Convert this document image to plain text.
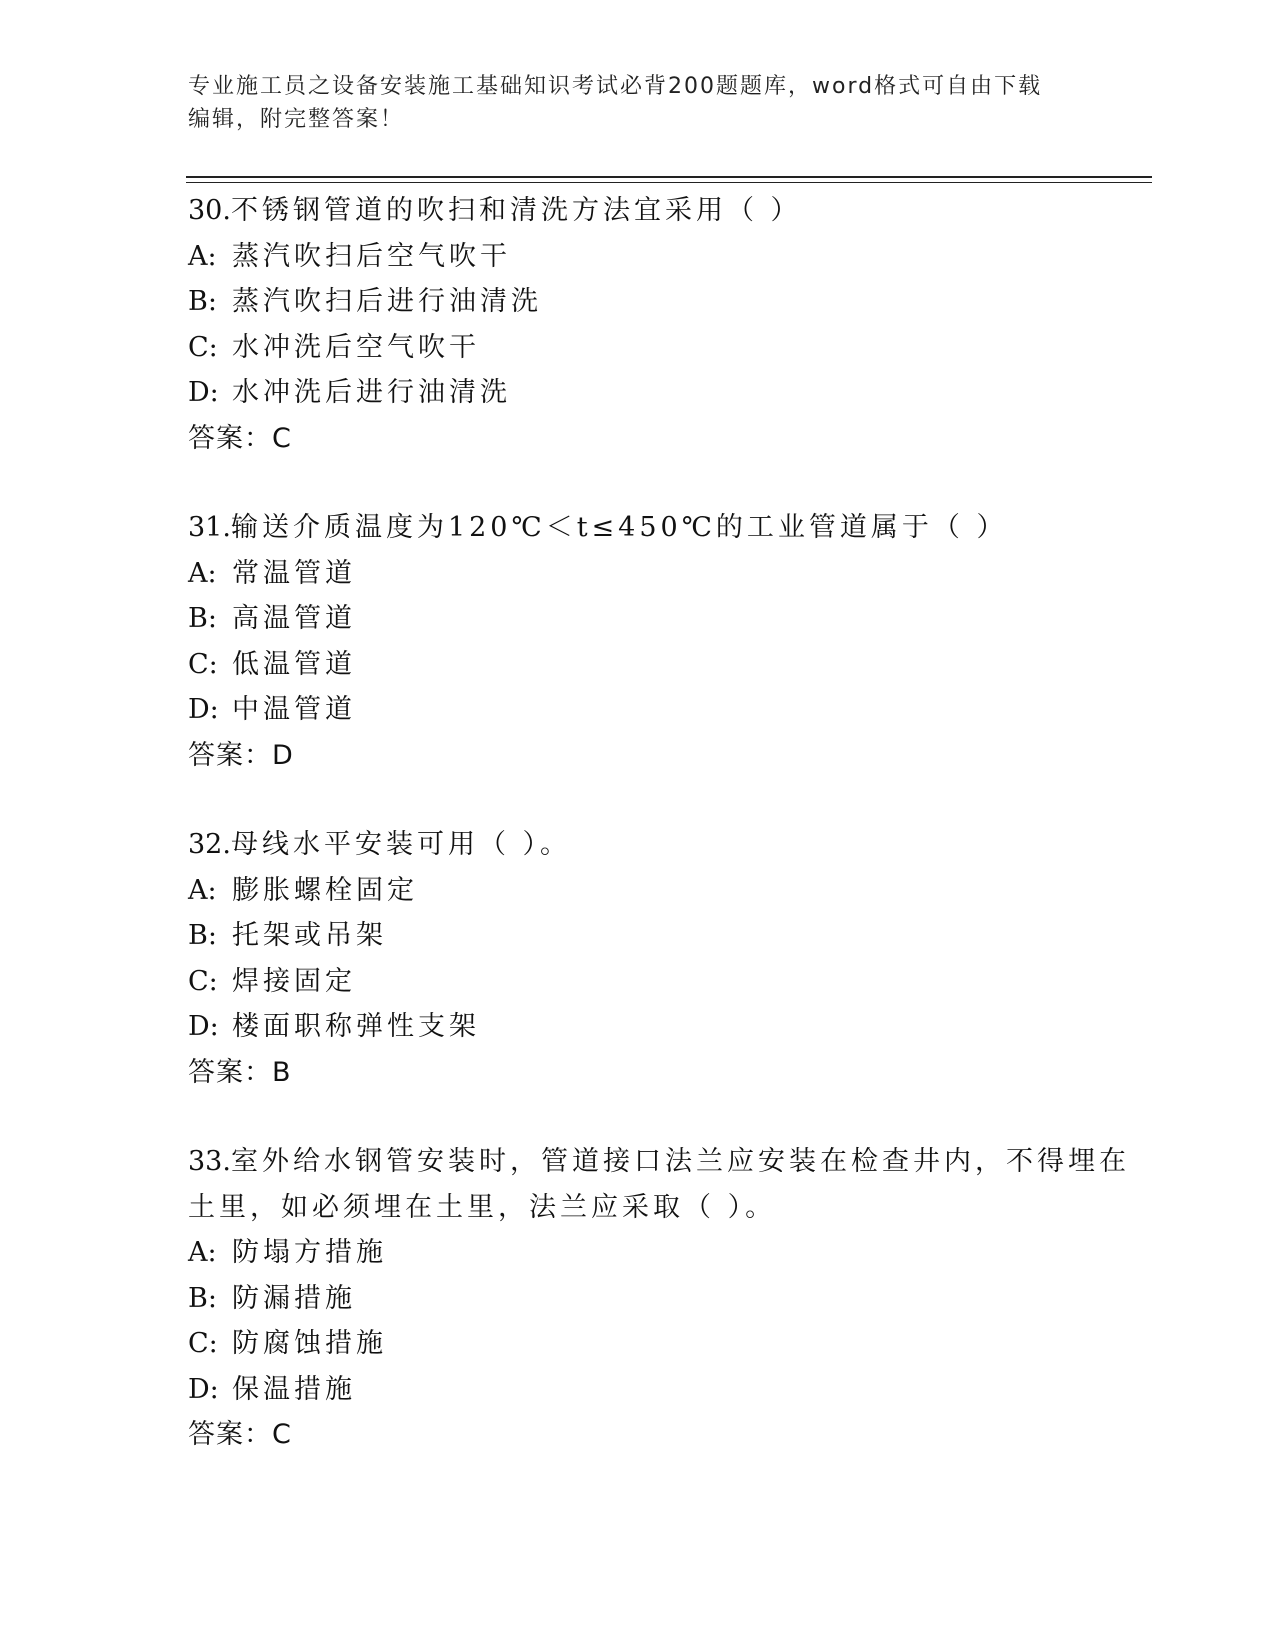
专业施工员之设备安装施工基础知识考试必背200题题库，word格式可自由下载
编辑，附完整答案！
30.不锈钢管道的吹扫和清洗方法宜采用（ ）
A: 蒸汽吹扫后空气吹干
B: 蒸汽吹扫后进行油清洗
C: 水冲洗后空气吹干
D: 水冲洗后进行油清洗
答案：C
31.输送介质温度为120℃＜t≤450℃的工业管道属于（ ）
A: 常温管道
B: 高温管道
C: 低温管道
D: 中温管道
答案：D
32.母线水平安装可用（ ）。
A: 膨胀螺栓固定
B: 托架或吊架
C: 焊接固定
D: 楼面职称弹性支架
答案：B
33.室外给水钢管安装时，管道接口法兰应安装在检查井内，不得埋在
土里，如必须埋在土里，法兰应采取（ ）。
A: 防塌方措施
B: 防漏措施
C: 防腐蚀措施
D: 保温措施
答案：C
